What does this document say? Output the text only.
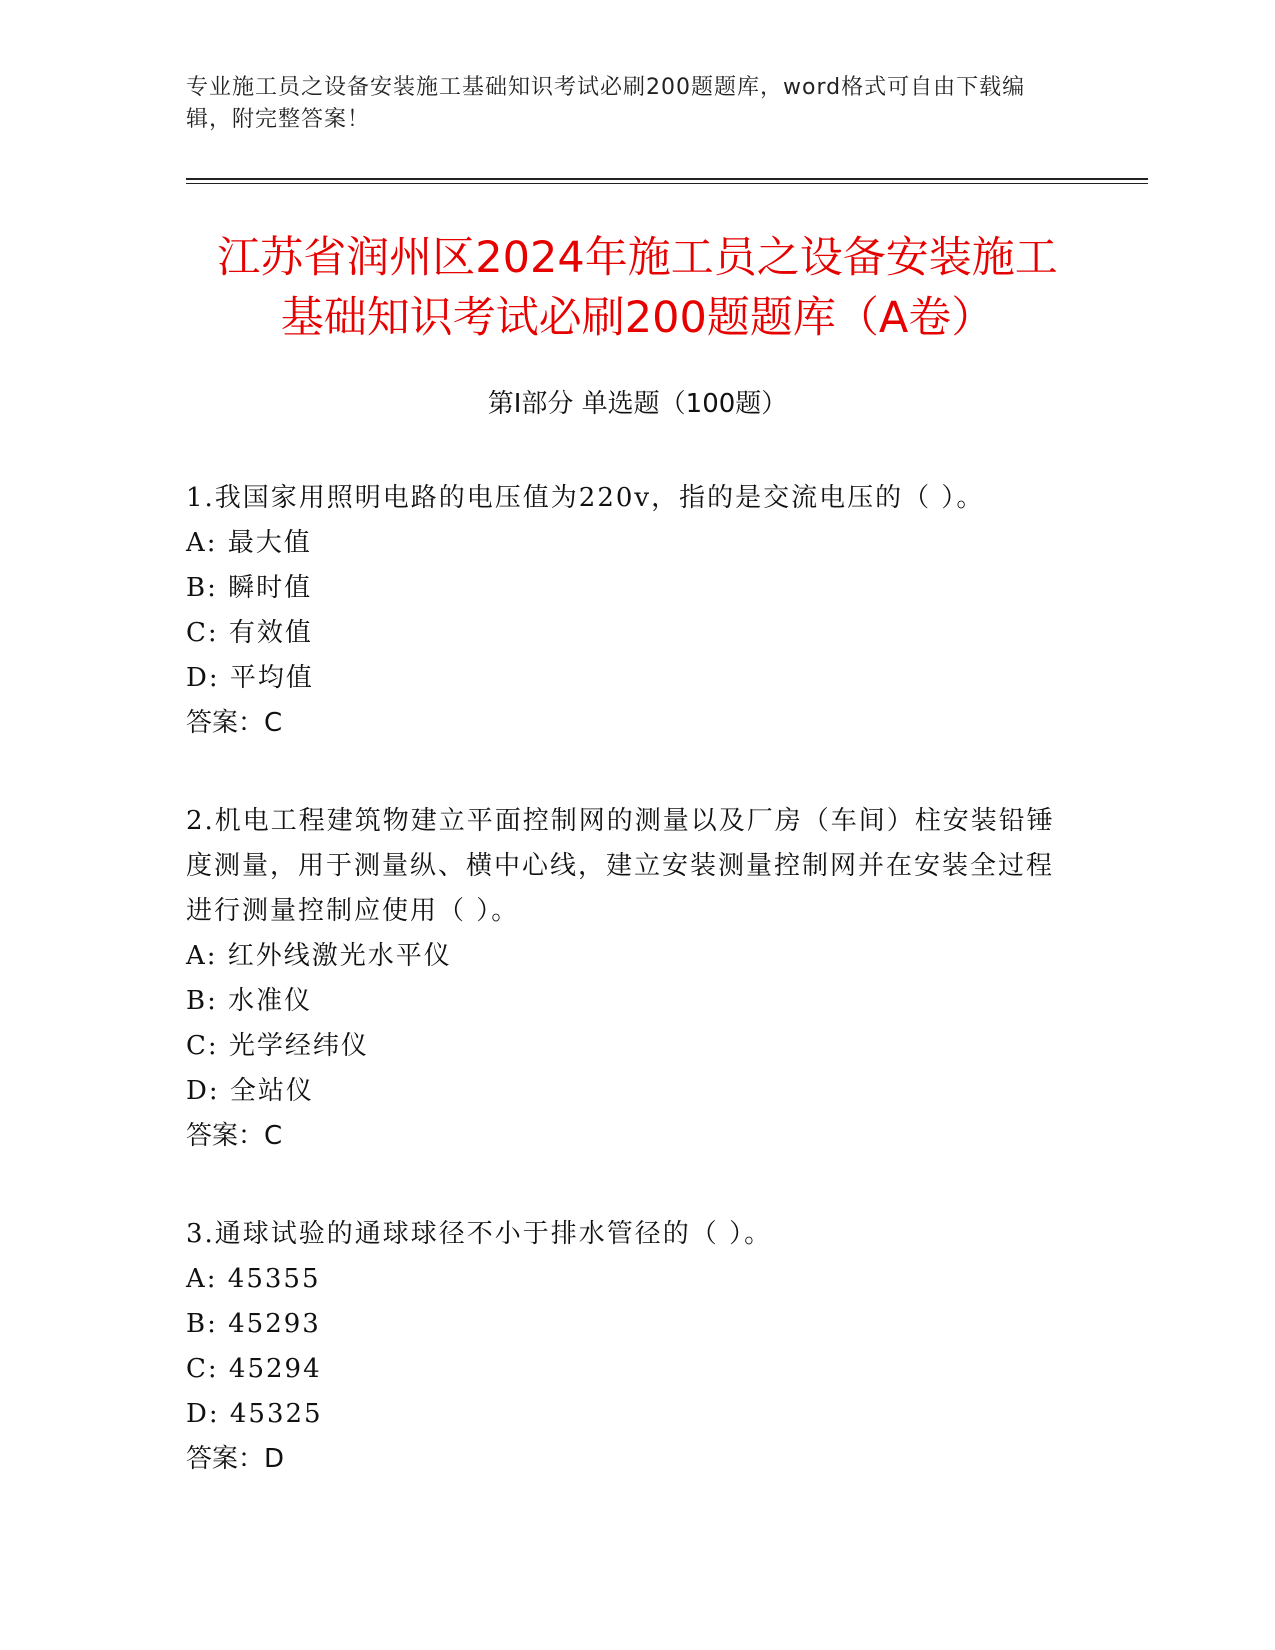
专业施工员之设备安装施工基础知识考试必刷200题题库，word格式可自由下载编辑，附完整答案！
江苏省润州区2024年施工员之设备安装施工
基础知识考试必刷200题题库（A卷）
第Ⅰ部分 单选题（100题）
1.我国家用照明电路的电压值为220v，指的是交流电压的（ ）。
A: 最大值
B: 瞬时值
C: 有效值
D: 平均值
答案：C
2.机电工程建筑物建立平面控制网的测量以及厂房（车间）柱安装铅锤度测量，用于测量纵、横中心线，建立安装测量控制网并在安装全过程进行测量控制应使用（ ）。
A: 红外线激光水平仪
B: 水准仪
C: 光学经纬仪
D: 全站仪
答案：C
3.通球试验的通球球径不小于排水管径的（ ）。
A: 45355
B: 45293
C: 45294
D: 45325
答案：D
